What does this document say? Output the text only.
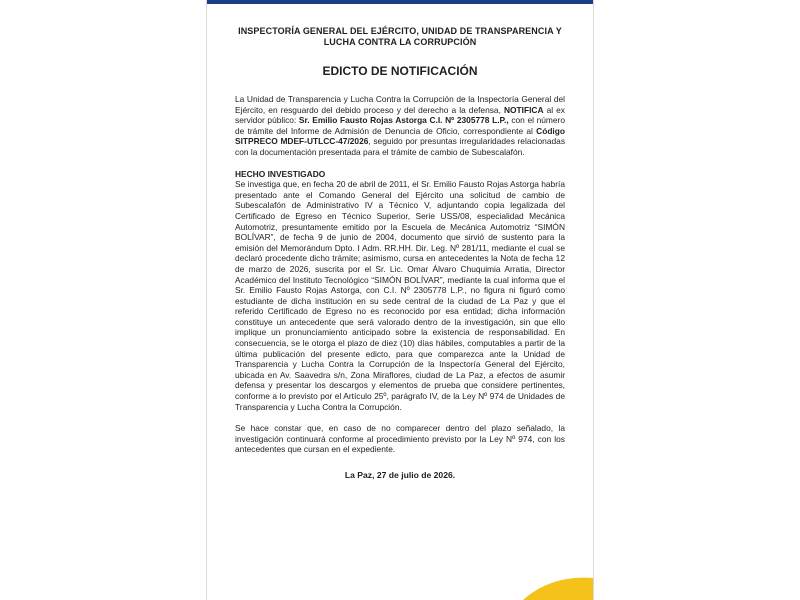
INSPECTORÍA GENERAL DEL EJÉRCITO, UNIDAD DE TRANSPARENCIA Y
LUCHA CONTRA LA CORRUPCIÓN
EDICTO DE NOTIFICACIÓN

La Unidad de Transparencia y Lucha Contra la Corrupción de la Inspectoría General del Ejército, en resguardo del debido proceso y del derecho a la defensa, NOTIFICA al ex servidor público: Sr. Emilio Fausto Rojas Astorga C.I. Nº 2305778 L.P., con el número de trámite del Informe de Admisión de Denuncia de Oficio, correspondiente al Código SITPRECO MDEF-UTLCC-47/2026, seguido por presuntas irregularidades relacionadas con la documentación presentada para el trámite de cambio de Subescalafón.

HECHO INVESTIGADO

Se investiga que, en fecha 20 de abril de 2011, el Sr. Emilio Fausto Rojas Astorga habría presentado ante el Comando General del Ejército una solicitud de cambio de Subescalafón de Administrativo IV a Técnico V, adjuntando copia legalizada del Certificado de Egreso en Técnico Superior, Serie USS/08, especialidad Mecánica Automotriz, presuntamente emitido por la Escuela de Mecánica Automotriz “SIMÓN BOLÍVAR”, de fecha 9 de junio de 2004, documento que sirvió de sustento para la emisión del Memorándum Dpto. I Adm. RR.HH. Dir. Leg. Nº 281/11, mediante el cual se declaró procedente dicho trámite; asimismo, cursa en antecedentes la Nota de fecha 12 de marzo de 2026, suscrita por el Sr. Lic. Omar Álvaro Chuquimia Arratia, Director Académico del Instituto Tecnológico “SIMÓN BOLÍVAR”, mediante la cual informa que el Sr. Emilio Fausto Rojas Astorga, con C.I. Nº 2305778 L.P., no figura ni figuró como estudiante de dicha institución en su sede central de la ciudad de La Paz y que el referido Certificado de Egreso no es reconocido por esa entidad; dicha información constituye un antecedente que será valorado dentro de la investigación, sin que ello implique un pronunciamiento anticipado sobre la existencia de responsabilidad. En consecuencia, se le otorga el plazo de diez (10) días hábiles, computables a partir de la última publicación del presente edicto, para que comparezca ante la Unidad de Transparencia y Lucha Contra la Corrupción de la Inspectoría General del Ejército, ubicada en Av. Saavedra s/n, Zona Miraflores, ciudad de La Paz, a efectos de asumir defensa y presentar los descargos y elementos de prueba que considere pertinentes, conforme a lo previsto por el Artículo 25º, parágrafo IV, de la Ley Nº 974 de Unidades de Transparencia y Lucha Contra la Corrupción.

Se hace constar que, en caso de no comparecer dentro del plazo señalado, la investigación continuará conforme al procedimiento previsto por la Ley Nº 974, con los antecedentes que cursan en el expediente.

La Paz, 27 de julio de 2026.
